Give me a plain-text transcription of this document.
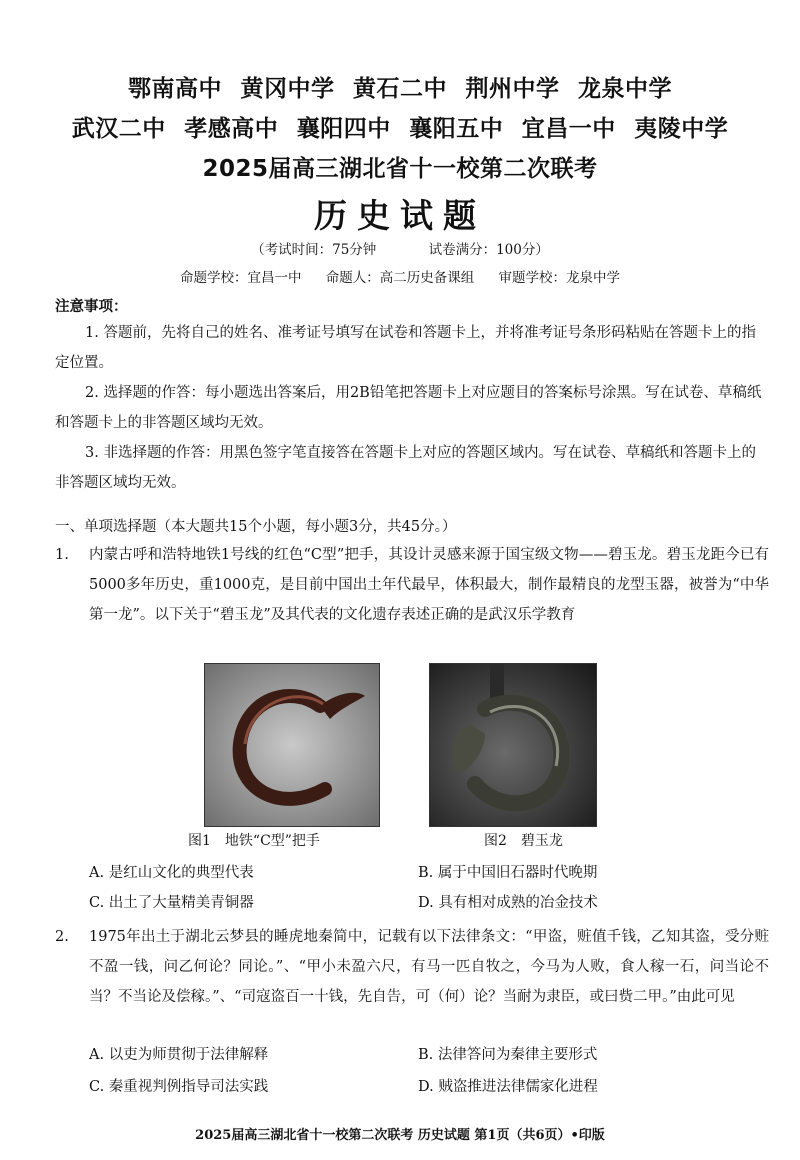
鄂南高中 黄冈中学 黄石二中 荆州中学 龙泉中学
武汉二中 孝感高中 襄阳四中 襄阳五中 宜昌一中 夷陵中学
2025届高三湖北省十一校第二次联考
历史试题
（考试时间：75分钟	试卷满分：100分）
命题学校：宜昌一中 命题人：高二历史备课组 审题学校：龙泉中学
注意事项：
1. 答题前，先将自己的姓名、准考证号填写在试卷和答题卡上，并将准考证号条形码粘贴在答题卡上的指定位置。
2. 选择题的作答：每小题选出答案后，用2B铅笔把答题卡上对应题目的答案标号涂黑。写在试卷、草稿纸和答题卡上的非答题区域均无效。
3. 非选择题的作答：用黑色签字笔直接答在答题卡上对应的答题区域内。写在试卷、草稿纸和答题卡上的非答题区域均无效。
一、单项选择题（本大题共15个小题，每小题3分，共45分。）
1. 内蒙古呼和浩特地铁1号线的红色“C型”把手，其设计灵感来源于国宝级文物——碧玉龙。碧玉龙距今已有5000多年历史，重1000克，是目前中国出土年代最早，体积最大，制作最精良的龙型玉器，被誉为“中华第一龙”。以下关于“碧玉龙”及其代表的文化遗存表述正确的是武汉乐学教育
图1　地铁“C型”把手	图2　碧玉龙
A. 是红山文化的典型代表	B. 属于中国旧石器时代晚期
C. 出土了大量精美青铜器	D. 具有相对成熟的冶金技术
2. 1975年出土于湖北云梦县的睡虎地秦简中，记载有以下法律条文：“甲盗，赃值千钱，乙知其盗，受分赃不盈一钱，问乙何论？同论。”、“甲小未盈六尺，有马一匹自牧之，今马为人败，食人稼一石，问当论不当？不当论及偿稼。”、“司寇盗百一十钱，先自告，可（何）论？当耐为隶臣，或曰赀二甲。”由此可见
A. 以吏为师贯彻于法律解释	B. 法律答问为秦律主要形式
C. 秦重视判例指导司法实践	D. 贼盗推进法律儒家化进程
2025届高三湖北省十一校第二次联考 历史试题 第1页（共6页）•印版
